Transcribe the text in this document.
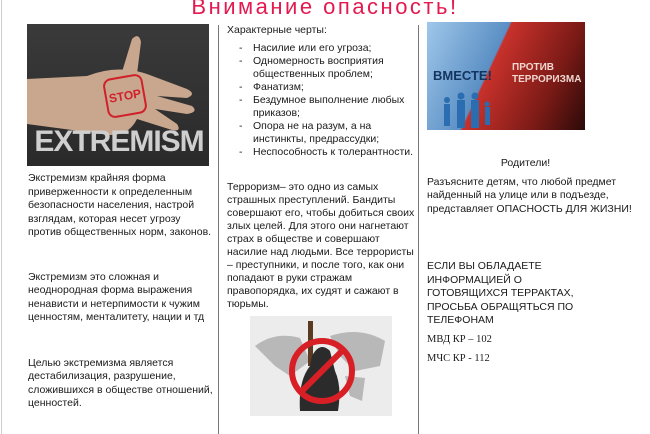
Внимание опасность!
STOP
EXTREMISM

Экстремизм крайняя форма приверженности к определенным безопасности населения, настрой взглядам, которая несет угрозу против общественных норм, законов.

Экстремизм это сложная и неоднородная форма выражения ненависти и нетерпимости к чужим ценностям, менталитету, нации и тд

Целью экстремизма является дестабилизация, разрушение, сложившихся в обществе отношений, ценностей.

Характерные черты:

- Насилие или его угроза;
- Одномерность восприятия общественных проблем;
- Фанатизм;
- Бездумное выполнение любых приказов;
- Опора не на разум, а на инстинкты, предрассудки;
- Неспособность к толерантности.

Терроризм– это одно из самых страшных преступлений. Бандиты совершают его, чтобы добиться своих злых целей. Для этого они нагнетают страх в обществе и совершают насилие над людьми. Все террористы – преступники, и после того, как они попадают в руки стражам правопорядка, их судят и сажают в тюрьмы.

ВМЕСТЕ!
ПРОТИВ
ТЕРРОРИЗМА

Родители!

Разъясните детям, что любой предмет найденный на улице или в подъезде, представляет ОПАСНОСТЬ ДЛЯ ЖИЗНИ!

ЕСЛИ ВЫ ОБЛАДАЕТЕ ИНФОРМАЦИЕЙ О ГОТОВЯЩИХСЯ ТЕРРАКТАХ, ПРОСЬБА ОБРАЩЯТЬСЯ ПО ТЕЛЕФОНАМ

МВД КР – 102

МЧС КР - 112
